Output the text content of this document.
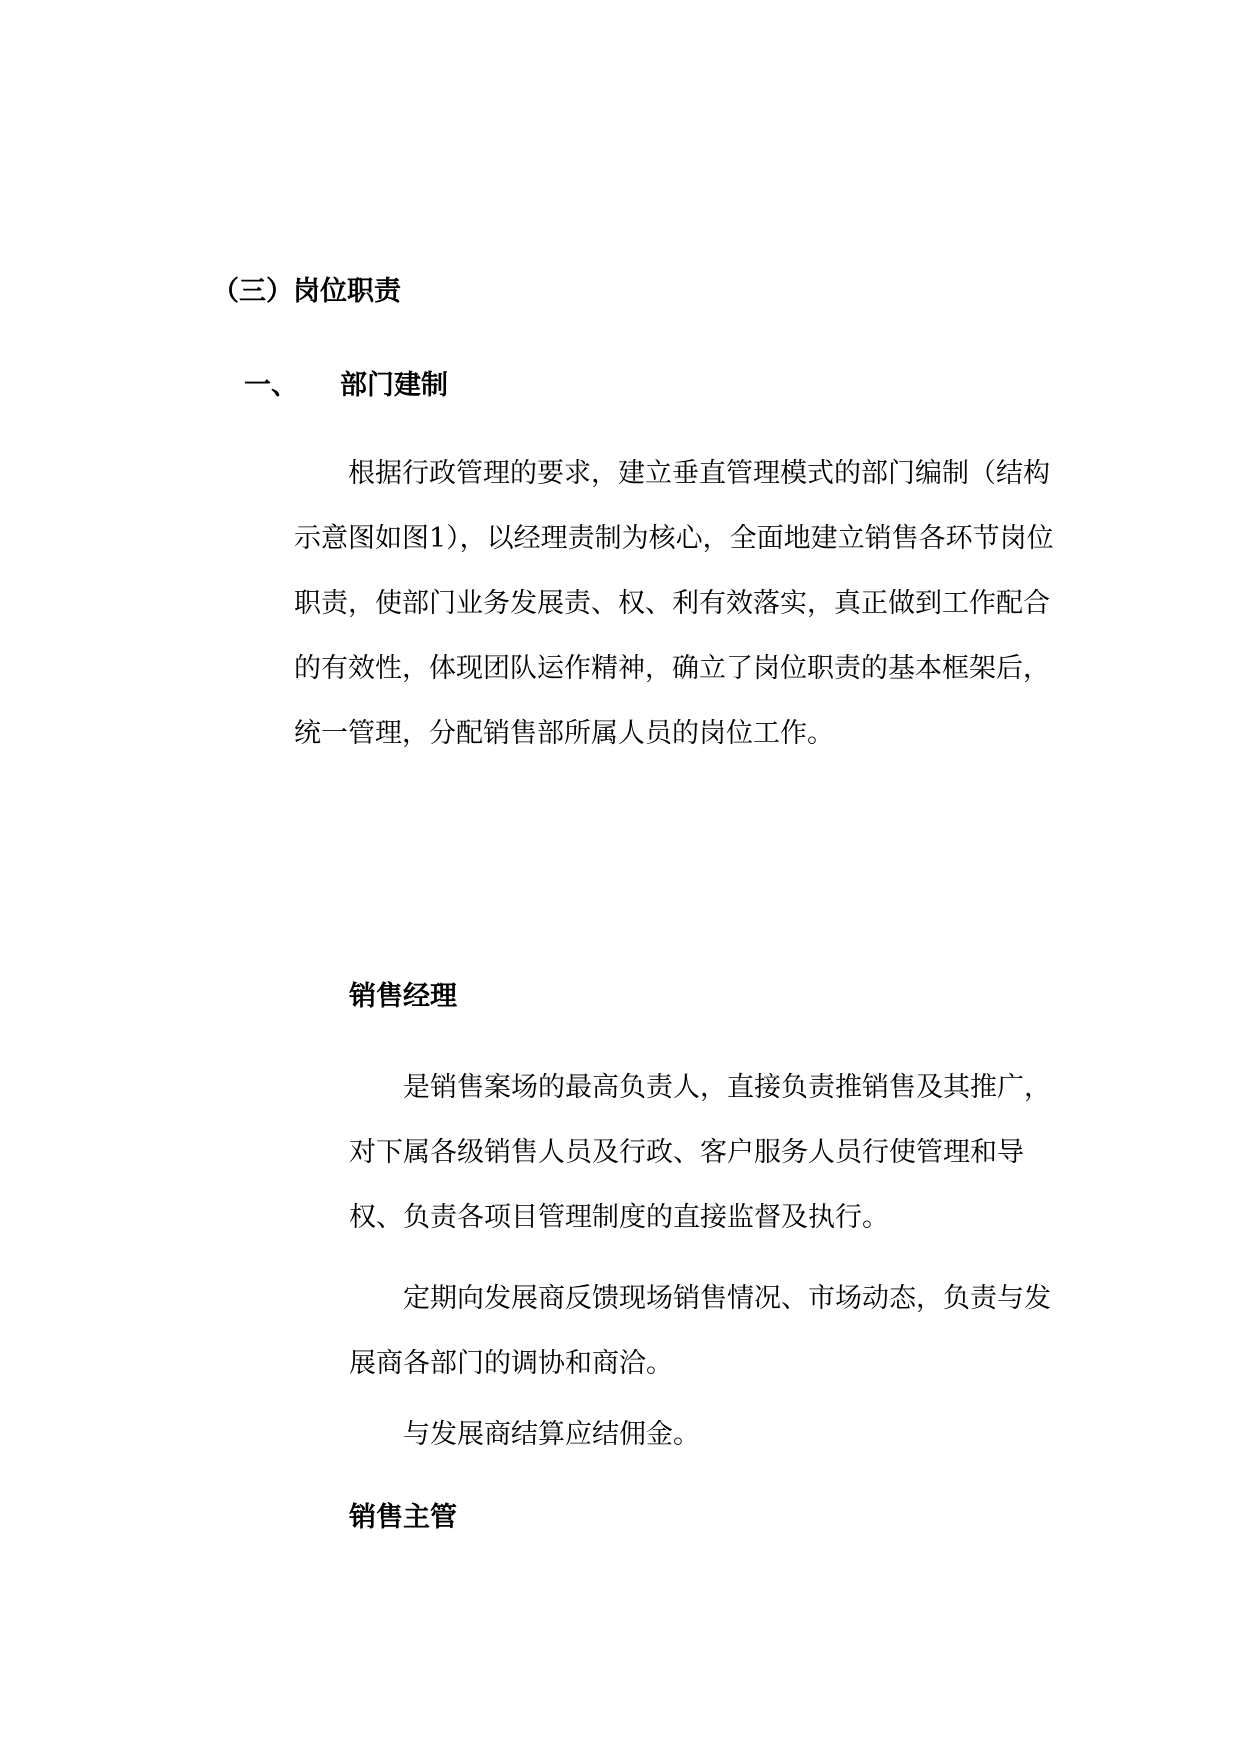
（三）岗位职责
一、 部门建制

根据行政管理的要求，建立垂直管理模式的部门编制（结构示意图如图1），以经理责制为核心，全面地建立销售各环节岗位职责，使部门业务发展责、权、利有效落实，真正做到工作配合的有效性，体现团队运作精神，确立了岗位职责的基本框架后，统一管理，分配销售部所属人员的岗位工作。

销售经理

是销售案场的最高负责人，直接负责推销售及其推广，对下属各级销售人员及行政、客户服务人员行使管理和导权、负责各项目管理制度的直接监督及执行。

定期向发展商反馈现场销售情况、市场动态，负责与发展商各部门的调协和商洽。

与发展商结算应结佣金。

销售主管
